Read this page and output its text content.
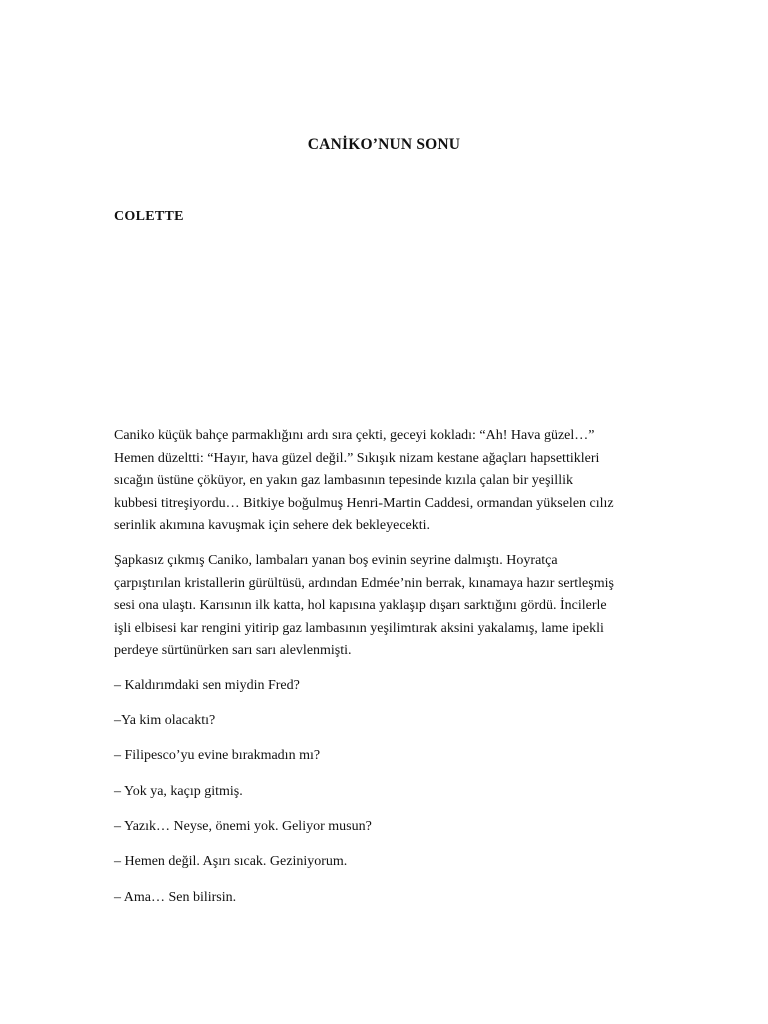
CANİKO’NUN SONU
COLETTE
Caniko küçük bahçe parmaklığını ardı sıra çekti, geceyi kokladı: “Ah! Hava güzel…”
Hemen düzeltti: “Hayır, hava güzel değil.” Sıkışık nizam kestane ağaçları hapsettikleri
sıcağın üstüne çöküyor, en yakın gaz lambasının tepesinde kızıla çalan bir yeşillik
kubbesi titreşiyordu… Bitkiye boğulmuş Henri-Martin Caddesi, ormandan yükselen cılız
serinlik akımına kavuşmak için sehere dek bekleyecekti.
Şapkasız çıkmış Caniko, lambaları yanan boş evinin seyrine dalmıştı. Hoyratça
çarpıştırılan kristallerin gürültüsü, ardından Edmée’nin berrak, kınamaya hazır sertleşmiş
sesi ona ulaştı. Karısının ilk katta, hol kapısına yaklaşıp dışarı sarktığını gördü. İncilerle
işli elbisesi kar rengini yitirip gaz lambasının yeşilimtırak aksini yakalamış, lame ipekli
perdeye sürtünürken sarı sarı alevlenmişti.
– Kaldırımdaki sen miydin Fred?
–Ya kim olacaktı?
– Filipesco’yu evine bırakmadın mı?
– Yok ya, kaçıp gitmiş.
– Yazık… Neyse, önemi yok. Geliyor musun?
– Hemen değil. Aşırı sıcak. Geziniyorum.
– Ama… Sen bilirsin.
